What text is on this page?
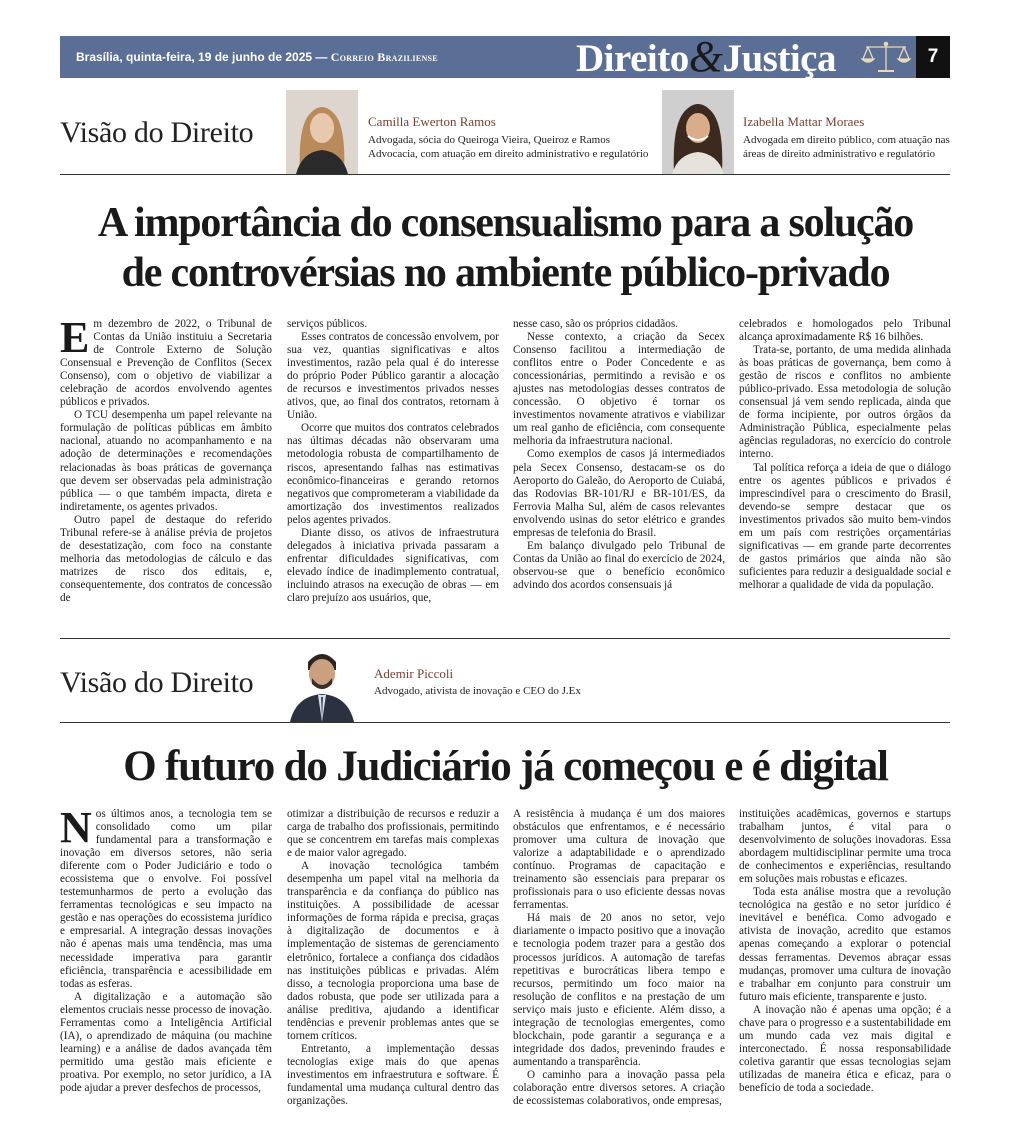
Brasília, quinta-feira, 19 de junho de 2025 — Correio Braziliense	Direito&Justiça	7
Visão do Direito	Camilla Ewerton Ramos
Advogada, sócia do Queiroga Vieira, Queiroz e Ramos Advocacia, com atuação em direito administrativo e regulatório
Izabella Mattar Moraes
Advogada em direito público, com atuação nas áreas de direito administrativo e regulatório
A importância do consensualismo para a solução
de controvérsias no ambiente público-privado

Em dezembro de 2022, o Tribunal de Contas da União instituiu a Secretaria de Controle Externo de Solução Consensual e Prevenção de Conflitos (Secex Consenso), com o objetivo de viabilizar a celebração de acordos envolvendo agentes públicos e privados.

O TCU desempenha um papel relevante na formulação de políticas públicas em âmbito nacional, atuando no acompanhamento e na adoção de determinações e recomendações relacionadas às boas práticas de governança que devem ser observadas pela administração pública — o que também impacta, direta e indiretamente, os agentes privados.

Outro papel de destaque do referido Tribunal refere-se à análise prévia de projetos de desestatização, com foco na constante melhoria das metodologias de cálculo e das matrizes de risco dos editais, e, consequentemente, dos contratos de concessão de

serviços públicos.

Esses contratos de concessão envolvem, por sua vez, quantias significativas e altos investimentos, razão pela qual é do interesse do próprio Poder Público garantir a alocação de recursos e investimentos privados nesses ativos, que, ao final dos contratos, retornam à União.

Ocorre que muitos dos contratos celebrados nas últimas décadas não observaram uma metodologia robusta de compartilhamento de riscos, apresentando falhas nas estimativas econômico-financeiras e gerando retornos negativos que comprometeram a viabilidade da amortização dos investimentos realizados pelos agentes privados.

Diante disso, os ativos de infraestrutura delegados à iniciativa privada passaram a enfrentar dificuldades significativas, com elevado índice de inadimplemento contratual, incluindo atrasos na execução de obras — em claro prejuízo aos usuários, que,

nesse caso, são os próprios cidadãos.

Nesse contexto, a criação da Secex Consenso facilitou a intermediação de conflitos entre o Poder Concedente e as concessionárias, permitindo a revisão e os ajustes nas metodologias desses contratos de concessão. O objetivo é tornar os investimentos novamente atrativos e viabilizar um real ganho de eficiência, com consequente melhoria da infraestrutura nacional.

Como exemplos de casos já intermediados pela Secex Consenso, destacam-se os do Aeroporto do Galeão, do Aeroporto de Cuiabá, das Rodovias BR-101/RJ e BR-101/ES, da Ferrovia Malha Sul, além de casos relevantes envolvendo usinas do setor elétrico e grandes empresas de telefonia do Brasil.

Em balanço divulgado pelo Tribunal de Contas da União ao final do exercício de 2024, observou-se que o benefício econômico advindo dos acordos consensuais já

celebrados e homologados pelo Tribunal alcança aproximadamente R$ 16 bilhões.

Trata-se, portanto, de uma medida alinhada às boas práticas de governança, bem como à gestão de riscos e conflitos no ambiente público-privado. Essa metodologia de solução consensual já vem sendo replicada, ainda que de forma incipiente, por outros órgãos da Administração Pública, especialmente pelas agências reguladoras, no exercício do controle interno.

Tal política reforça a ideia de que o diálogo entre os agentes públicos e privados é imprescindível para o crescimento do Brasil, devendo-se sempre destacar que os investimentos privados são muito bem-vindos em um país com restrições orçamentárias significativas — em grande parte decorrentes de gastos primários que ainda não são suficientes para reduzir a desigualdade social e melhorar a qualidade de vida da população.

Visão do Direito	Ademir Piccoli
Advogado, ativista de inovação e CEO do J.Ex
O futuro do Judiciário já começou e é digital

Nos últimos anos, a tecnologia tem se consolidado como um pilar fundamental para a transformação e inovação em diversos setores, não seria diferente com o Poder Judiciário e todo o ecossistema que o envolve. Foi possível testemunharmos de perto a evolução das ferramentas tecnológicas e seu impacto na gestão e nas operações do ecossistema jurídico e empresarial. A integração dessas inovações não é apenas mais uma tendência, mas uma necessidade imperativa para garantir eficiência, transparência e acessibilidade em todas as esferas.

A digitalização e a automação são elementos cruciais nesse processo de inovação. Ferramentas como a Inteligência Artificial (IA), o aprendizado de máquina (ou machine learning) e a análise de dados avançada têm permitido uma gestão mais eficiente e proativa. Por exemplo, no setor jurídico, a IA pode ajudar a prever desfechos de processos,

otimizar a distribuição de recursos e reduzir a carga de trabalho dos profissionais, permitindo que se concentrem em tarefas mais complexas e de maior valor agregado.

A inovação tecnológica também desempenha um papel vital na melhoria da transparência e da confiança do público nas instituições. A possibilidade de acessar informações de forma rápida e precisa, graças à digitalização de documentos e à implementação de sistemas de gerenciamento eletrônico, fortalece a confiança dos cidadãos nas instituições públicas e privadas. Além disso, a tecnologia proporciona uma base de dados robusta, que pode ser utilizada para a análise preditiva, ajudando a identificar tendências e prevenir problemas antes que se tornem críticos.

Entretanto, a implementação dessas tecnologias exige mais do que apenas investimentos em infraestrutura e software. É fundamental uma mudança cultural dentro das organizações.

A resistência à mudança é um dos maiores obstáculos que enfrentamos, e é necessário promover uma cultura de inovação que valorize a adaptabilidade e o aprendizado contínuo. Programas de capacitação e treinamento são essenciais para preparar os profissionais para o uso eficiente dessas novas ferramentas.

Há mais de 20 anos no setor, vejo diariamente o impacto positivo que a inovação e tecnologia podem trazer para a gestão dos processos jurídicos. A automação de tarefas repetitivas e burocráticas libera tempo e recursos, permitindo um foco maior na resolução de conflitos e na prestação de um serviço mais justo e eficiente. Além disso, a integração de tecnologias emergentes, como blockchain, pode garantir a segurança e a integridade dos dados, prevenindo fraudes e aumentando a transparência.

O caminho para a inovação passa pela colaboração entre diversos setores. A criação de ecossistemas colaborativos, onde empresas,

instituições acadêmicas, governos e startups trabalham juntos, é vital para o desenvolvimento de soluções inovadoras. Essa abordagem multidisciplinar permite uma troca de conhecimentos e experiências, resultando em soluções mais robustas e eficazes.

Toda esta análise mostra que a revolução tecnológica na gestão e no setor jurídico é inevitável e benéfica. Como advogado e ativista de inovação, acredito que estamos apenas começando a explorar o potencial dessas ferramentas. Devemos abraçar essas mudanças, promover uma cultura de inovação e trabalhar em conjunto para construir um futuro mais eficiente, transparente e justo.

A inovação não é apenas uma opção; é a chave para o progresso e a sustentabilidade em um mundo cada vez mais digital e interconectado. É nossa responsabilidade coletiva garantir que essas tecnologias sejam utilizadas de maneira ética e eficaz, para o benefício de toda a sociedade.
